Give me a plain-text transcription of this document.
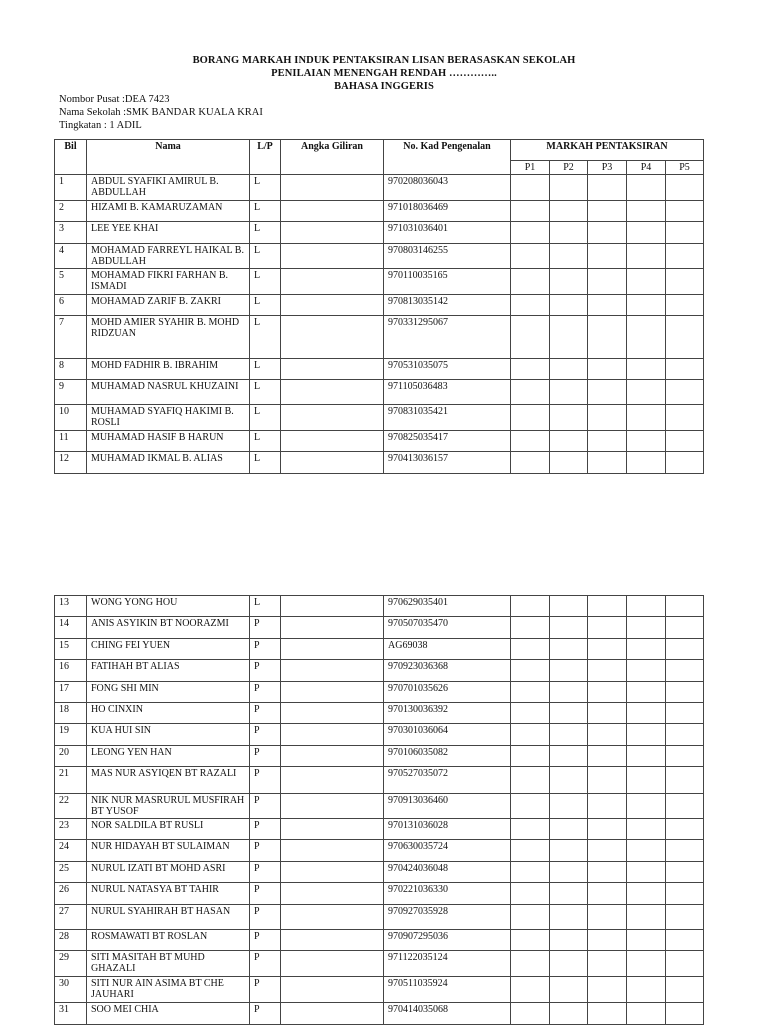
BORANG MARKAH INDUK PENTAKSIRAN LISAN BERASASKAN SEKOLAH
PENILAIAN MENENGAH RENDAH …………..
BAHASA INGGERIS
Nombor Pusat :DEA 7423
Nama Sekolah :SMK BANDAR KUALA KRAI
Tingkatan : 1 ADIL
Bil	Nama	L/P	Angka Giliran	No. Kad Pengenalan	MARKAH PENTAKSIRAN				
					P1	P2	P3	P4	P5
1	ABDUL SYAFIKI AMIRUL B. ABDULLAH	L		970208036043					
2	HIZAMI B. KAMARUZAMAN	L		971018036469					
3	LEE YEE KHAI	L		971031036401					
4	MOHAMAD FARREYL HAIKAL B. ABDULLAH	L		970803146255					
5	MOHAMAD FIKRI FARHAN B. ISMADI	L		970110035165					
6	MOHAMAD ZARIF B. ZAKRI	L		970813035142					
7	MOHD AMIER SYAHIR B. MOHD RIDZUAN	L		970331295067					
8	MOHD FADHIR B. IBRAHIM	L		970531035075					
9	MUHAMAD NASRUL KHUZAINI	L		971105036483					
10	MUHAMAD SYAFIQ HAKIMI B. ROSLI	L		970831035421					
11	MUHAMAD HASIF B HARUN	L		970825035417					
12	MUHAMAD IKMAL B. ALIAS	L		970413036157					
13	WONG YONG HOU	L		970629035401					
14	ANIS ASYIKIN BT NOORAZMI	P		970507035470					
15	CHING FEI YUEN	P		AG69038					
16	FATIHAH BT ALIAS	P		970923036368					
17	FONG SHI MIN	P		970701035626					
18	HO CINXIN	P		970130036392					
19	KUA HUI SIN	P		970301036064					
20	LEONG YEN HAN	P		970106035082					
21	MAS NUR ASYIQEN BT RAZALI	P		970527035072					
22	NIK NUR MASRURUL MUSFIRAH BT YUSOF	P		970913036460					
23	NOR SALDILA BT RUSLI	P		970131036028					
24	NUR HIDAYAH BT SULAIMAN	P		970630035724					
25	NURUL IZATI BT MOHD ASRI	P		970424036048					
26	NURUL NATASYA BT TAHIR	P		970221036330					
27	NURUL SYAHIRAH BT HASAN	P		970927035928					
28	ROSMAWATI BT ROSLAN	P		970907295036					
29	SITI MASITAH BT MUHD GHAZALI	P		971122035124					
30	SITI NUR AIN ASIMA BT CHE JAUHARI	P		970511035924					
31	SOO MEI CHIA	P		970414035068					
